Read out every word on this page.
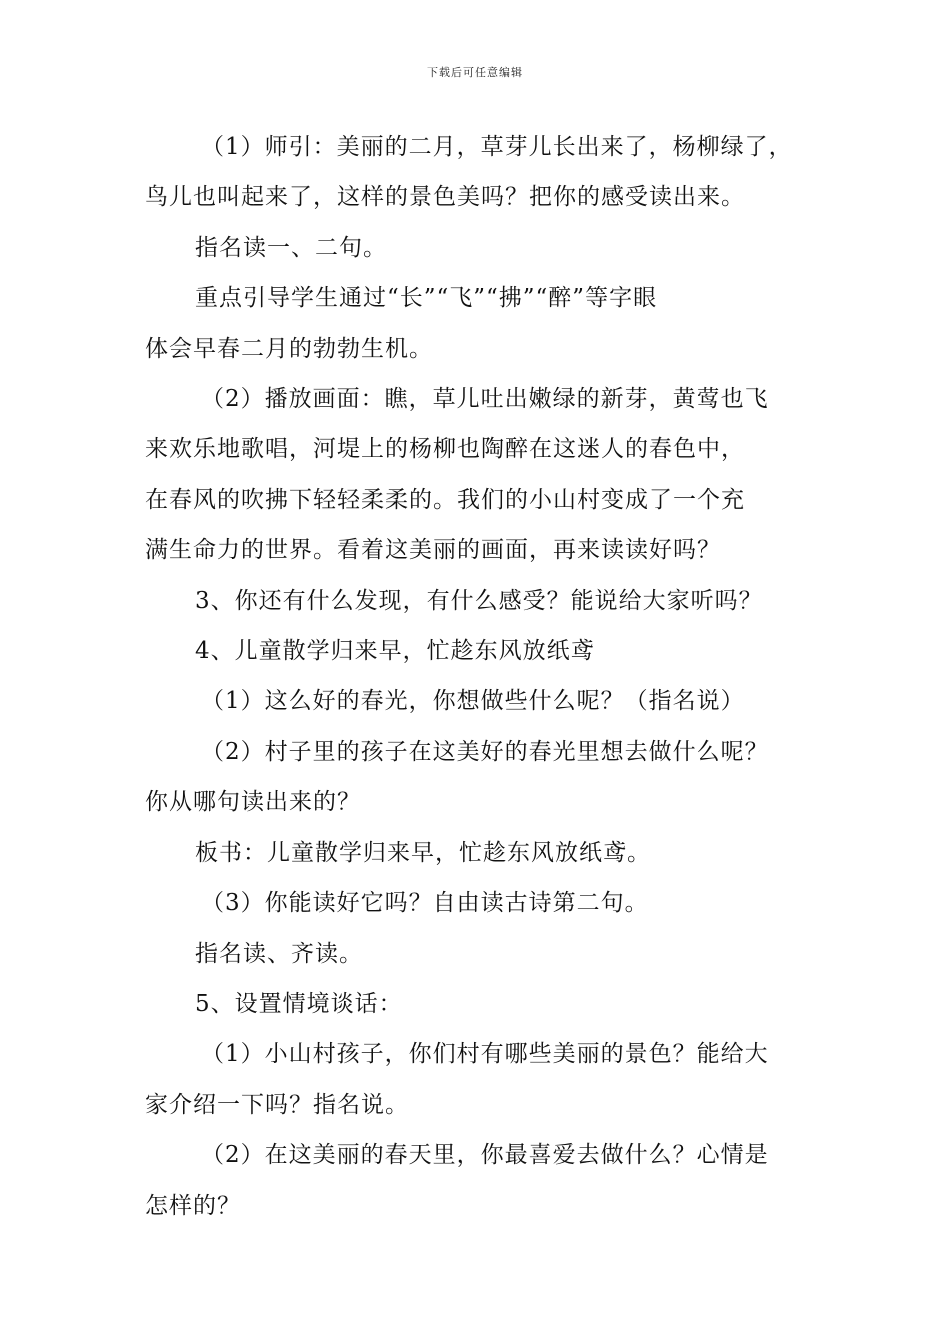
下载后可任意编辑
（1）师引：美丽的二月，草芽儿长出来了，杨柳绿了，
鸟儿也叫起来了，这样的景色美吗？把你的感受读出来。
指名读一、二句。
重点引导学生通过“长”“飞”“拂”“醉”等字眼
体会早春二月的勃勃生机。
（2）播放画面：瞧，草儿吐出嫩绿的新芽，黄莺也飞
来欢乐地歌唱，河堤上的杨柳也陶醉在这迷人的春色中，
在春风的吹拂下轻轻柔柔的。我们的小山村变成了一个充
满生命力的世界。看着这美丽的画面，再来读读好吗？
3、你还有什么发现，有什么感受？能说给大家听吗？
4、儿童散学归来早，忙趁东风放纸鸢
（1）这么好的春光，你想做些什么呢？（指名说）
（2）村子里的孩子在这美好的春光里想去做什么呢？
你从哪句读出来的？
板书：儿童散学归来早，忙趁东风放纸鸢。
（3）你能读好它吗？自由读古诗第二句。
指名读、齐读。
5、设置情境谈话：
（1）小山村孩子，你们村有哪些美丽的景色？能给大
家介绍一下吗？指名说。
（2）在这美丽的春天里，你最喜爱去做什么？心情是
怎样的？
